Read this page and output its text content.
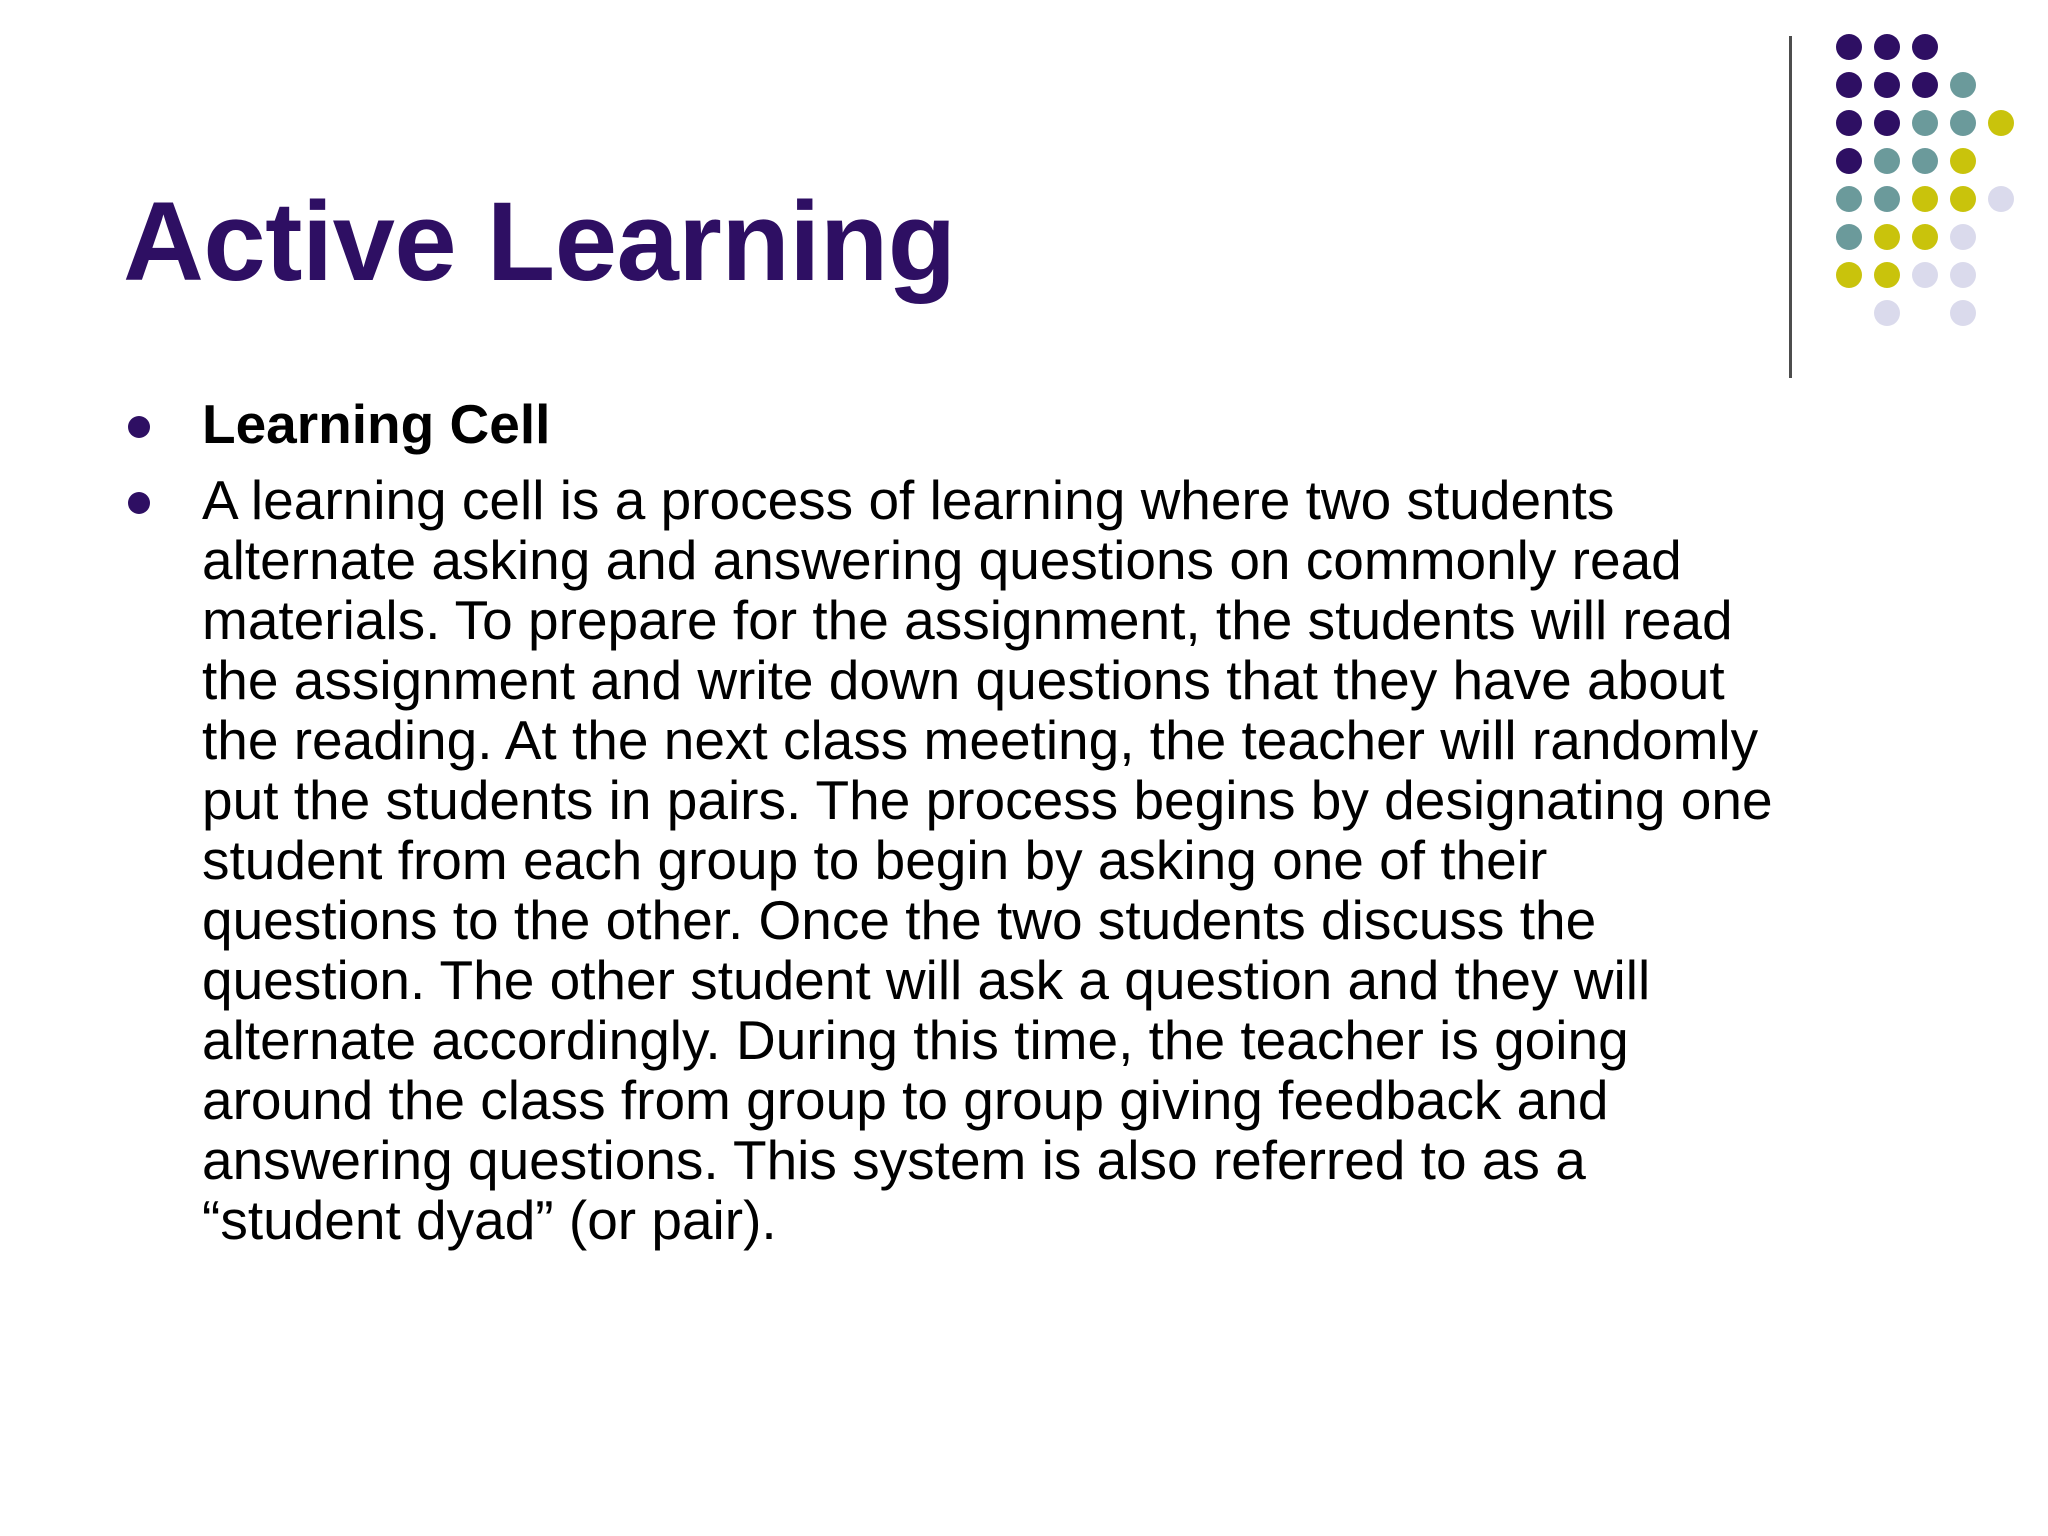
Active Learning
Learning Cell
A learning cell is a process of learning where two students
alternate asking and answering questions on commonly read
materials. To prepare for the assignment, the students will read
the assignment and write down questions that they have about
the reading. At the next class meeting, the teacher will randomly
put the students in pairs. The process begins by designating one
student from each group to begin by asking one of their
questions to the other. Once the two students discuss the
question. The other student will ask a question and they will
alternate accordingly. During this time, the teacher is going
around the class from group to group giving feedback and
answering questions. This system is also referred to as a
“student dyad” (or pair).
